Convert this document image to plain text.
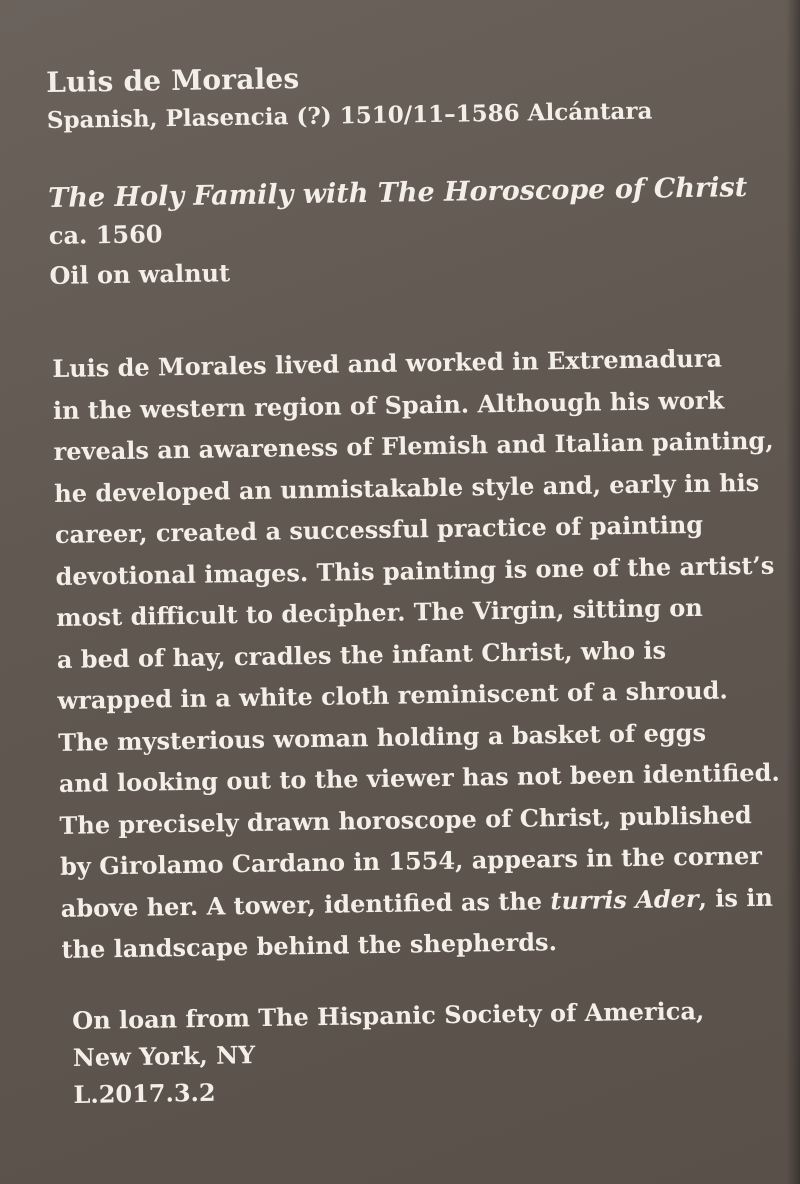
Luis de Morales
Spanish, Plasencia (?) 1510/11–1586 Alcántara
The Holy Family with The Horoscope of Christ
ca. 1560
Oil on walnut
Luis de Morales lived and worked in Extremadura
in the western region of Spain. Although his work
reveals an awareness of Flemish and Italian painting,
he developed an unmistakable style and, early in his
career, created a successful practice of painting
devotional images. This painting is one of the artist’s
most difficult to decipher. The Virgin, sitting on
a bed of hay, cradles the infant Christ, who is
wrapped in a white cloth reminiscent of a shroud.
The mysterious woman holding a basket of eggs
and looking out to the viewer has not been identified.
The precisely drawn horoscope of Christ, published
by Girolamo Cardano in 1554, appears in the corner
above her. A tower, identified as the turris Ader, is in
the landscape behind the shepherds.
On loan from The Hispanic Society of America,
New York, NY
L.2017.3.2
